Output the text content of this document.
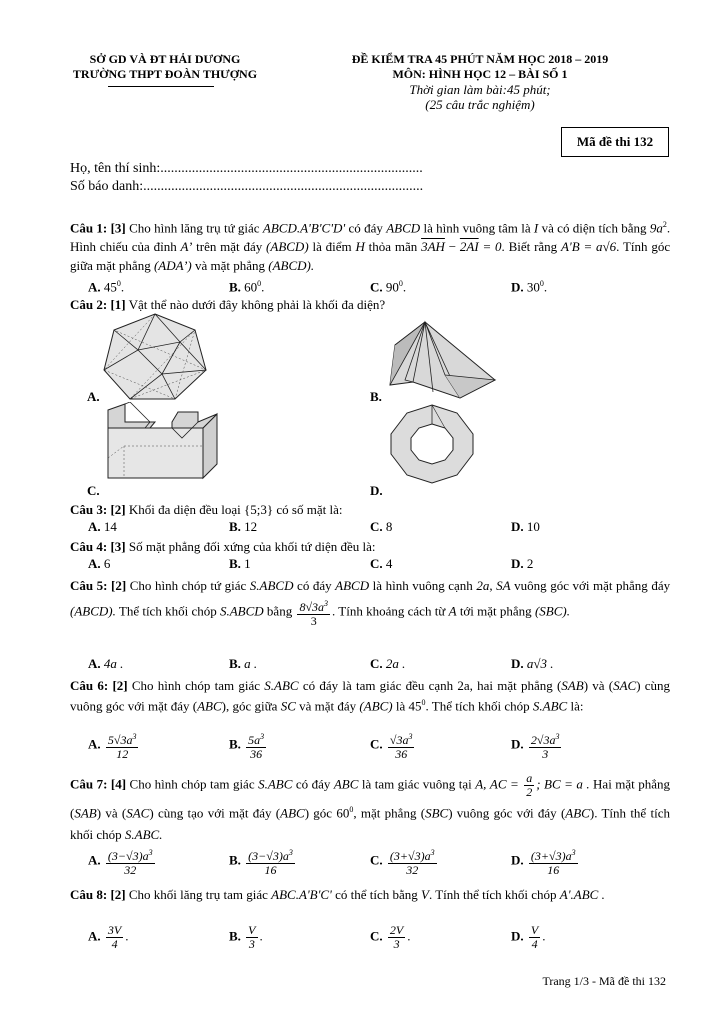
SỞ GD VÀ ĐT HẢI DƯƠNG
TRƯỜNG THPT ĐOÀN THƯỢNG
ĐỀ KIỂM TRA 45 PHÚT NĂM HỌC 2018 – 2019
MÔN: HÌNH HỌC 12 – BÀI SỐ 1
Thời gian làm bài:45 phút;
(25 câu trắc nghiệm)
Mã đề thi 132
Họ, tên thí sinh:...........................................................................
Số báo danh:................................................................................
Câu 1: [3] Cho hình lăng trụ tứ giác ABCD.A'B'C'D' có đáy ABCD là hình vuông tâm là I và có diện tích bằng $9a^2$. Hình chiếu của đỉnh A’ trên mặt đáy (ABCD) là điểm H thỏa mãn 3AH − 2AI = 0. Biết rằng A'B = a√6. Tính góc giữa mặt phẳng (ADA’) và mặt phẳng (ABCD).
A. $45^0$.	B. $60^0$.	C. $90^0$.	D. $30^0$.
Câu 2: [1] Vật thể nào dưới đây không phải là khối đa diện?
A.	B.
C.	D.
Câu 3: [2] Khối đa diện đều loại {5;3} có số mặt là:
A. 14	B. 12	C. 8	D. 10
Câu 4: [3] Số mặt phẳng đối xứng của khối tứ diện đều là:
A. 6	B. 1	C. 4	D. 2
Câu 5: [2] Cho hình chóp tứ giác S.ABCD có đáy ABCD là hình vuông cạnh 2a, SA vuông góc với mặt phẳng đáy (ABCD). Thể tích khối chóp S.ABCD bằng $\frac{8√3a^3}{3}$ . Tính khoảng cách từ A tới mặt phẳng (SBC).
A. 4a .	B. a .	C. 2a .	D. a√3 .
Câu 6: [2] Cho hình chóp tam giác S.ABC có đáy là tam giác đều cạnh 2a, hai mặt phẳng (SAB) và (SAC) cùng vuông góc với mặt đáy (ABC), góc giữa SC và mặt đáy (ABC) là $45^0$. Thể tích khối chóp S.ABC là:
A. $\frac{5√3a^3}{12}$	B. $\frac{5a^3}{36}$	C. $\frac{√3a^3}{36}$	D. $\frac{2√3a^3}{3}$
Câu 7: [4] Cho hình chóp tam giác S.ABC có đáy ABC là tam giác vuông tại A, AC = $\frac{a}{2}$ ; BC = a . Hai mặt phẳng (SAB) và (SAC) cùng tạo với mặt đáy (ABC) góc $60^0$, mặt phẳng (SBC) vuông góc với đáy (ABC). Tính thể tích khối chóp S.ABC.
A. $\frac{(3-√3)a^3}{32}$	B. $\frac{(3-√3)a^3}{16}$	C. $\frac{(3+√3)a^3}{32}$	D. $\frac{(3+√3)a^3}{16}$
Câu 8: [2] Cho khối lăng trụ tam giác ABC.A'B'C' có thể tích bằng V. Tính thể tích khối chóp A'.ABC .
A. $\frac{3V}{4}$ .	B. $\frac{V}{3}$ .	C. $\frac{2V}{3}$ .	D. $\frac{V}{4}$ .
Trang 1/3 - Mã đề thi 132
